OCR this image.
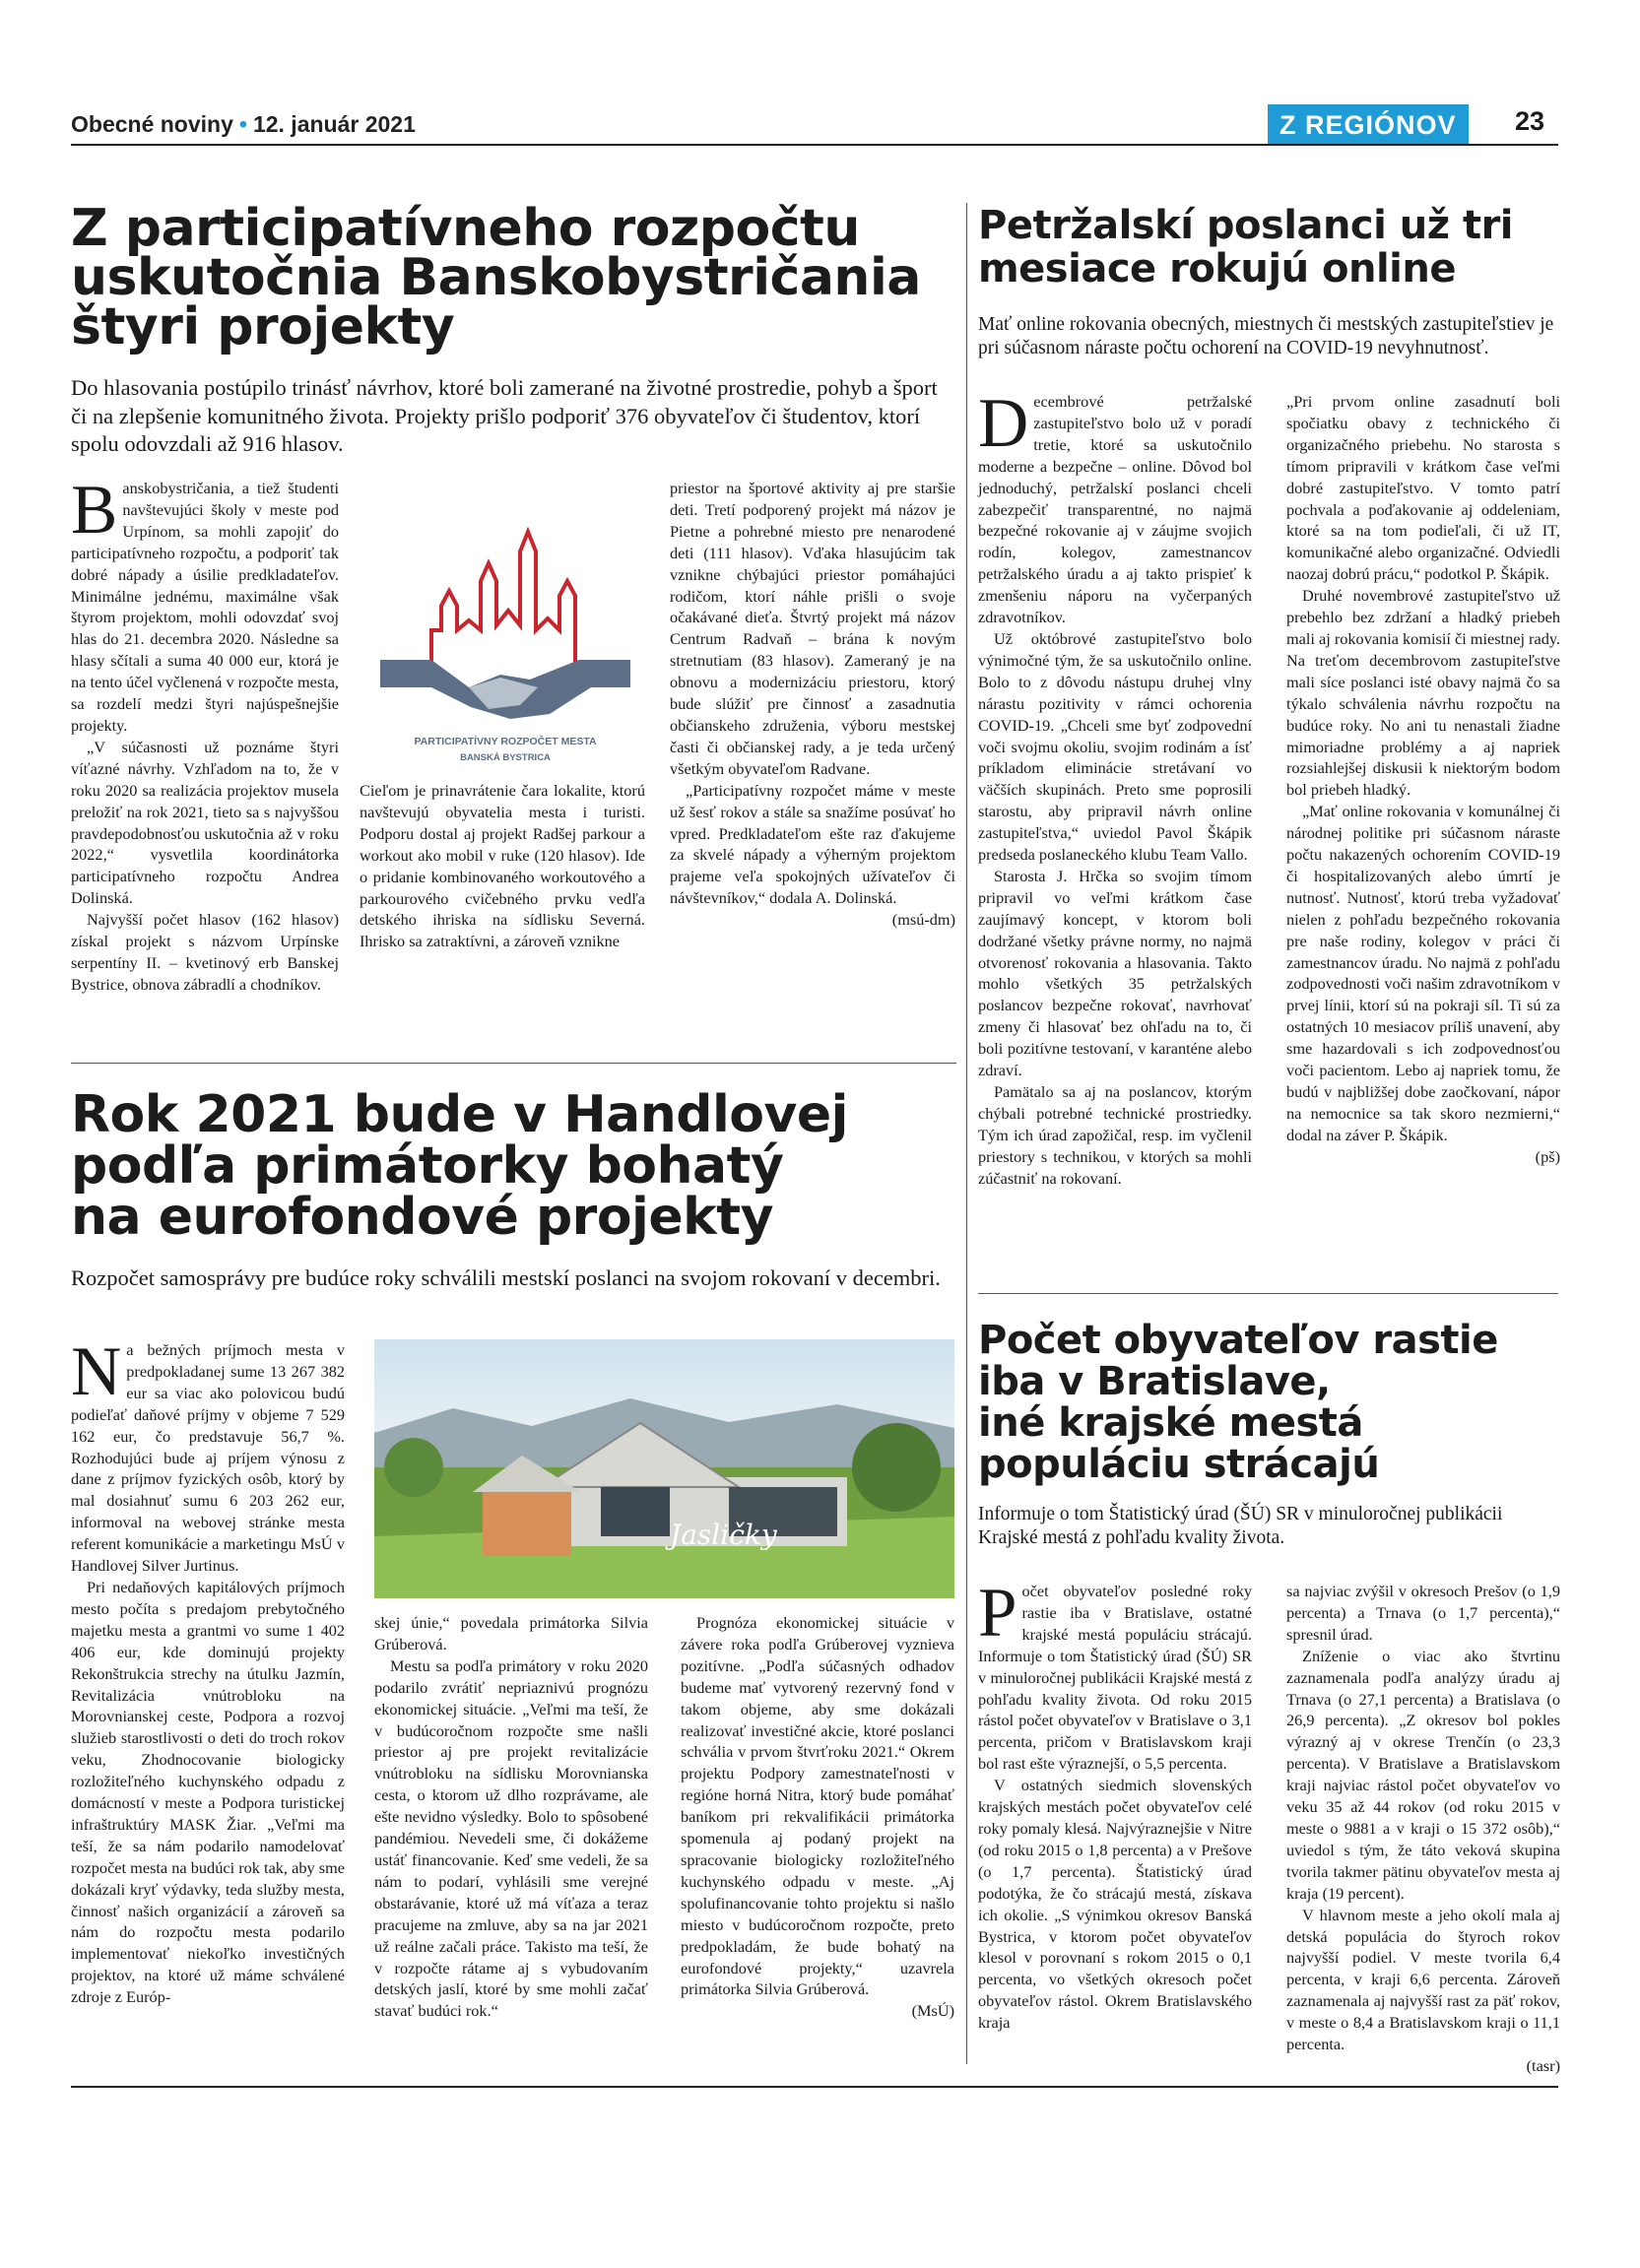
Obecné noviny • 12. január 2021	Z REGIÓNOV	23
Z participatívneho rozpočtu
uskutočnia Banskobystričania
štyri projekty
Do hlasovania postúpilo trinásť návrhov, ktoré boli zamerané na životné prostredie, pohyb a šport či na zlepšenie komunitného života. Projekty prišlo podporiť 376 obyvateľov či študentov, ktorí spolu odovzdali až 916 hlasov.
B anskobystričania, a tiež študenti navštevujúci školy v meste pod Urpínom, sa mohli zapojiť do participatívneho rozpočtu, a podporiť tak dobré nápady a úsilie predkladateľov. Minimálne jednému, maximálne však štyrom projektom, mohli odovzdať svoj hlas do 21. decembra 2020. Následne sa hlasy sčítali a suma 40 000 eur, ktorá je na tento účel vyčlenená v rozpočte mesta, sa rozdelí medzi štyri najúspešnejšie projekty.

„V súčasnosti už poznáme štyri víťazné návrhy. Vzhľadom na to, že v roku 2020 sa realizácia projektov musela preložiť na rok 2021, tieto sa s najvyššou pravdepodobnosťou uskutočnia až v roku 2022,“ vysvetlila koordinátorka participatívneho rozpočtu Andrea Dolinská.

Najvyšší počet hlasov (162 hlasov) získal projekt s názvom Urpínske serpentíny II. – kvetinový erb Banskej Bystrice, obnova zábradlí a chodníkov.

PARTICIPATÍVNY ROZPOČET MESTA
BANSKÁ BYSTRICA

Cieľom je prinavrátenie čara lokalite, ktorú navštevujú obyvatelia mesta i turisti. Podporu dostal aj projekt Radšej parkour a workout ako mobil v ruke (120 hlasov). Ide o pridanie kombinovaného workoutového a parkourového cvičebného prvku vedľa detského ihriska na sídlisku Severná. Ihrisko sa zatraktívni, a zároveň vznikne

priestor na športové aktivity aj pre staršie deti. Tretí podporený projekt má názov je Pietne a pohrebné miesto pre nenarodené deti (111 hlasov). Vďaka hlasujúcim tak vznikne chýbajúci priestor pomáhajúci rodičom, ktorí náhle prišli o svoje očakávané dieťa. Štvrtý projekt má názov Centrum Radvaň – brána k novým stretnutiam (83 hlasov). Zameraný je na obnovu a modernizáciu priestoru, ktorý bude slúžiť pre činnosť a zasadnutia občianskeho združenia, výboru mestskej časti či občianskej rady, a je teda určený všetkým obyvateľom Radvane.

„Participatívny rozpočet máme v meste už šesť rokov a stále sa snažíme posúvať ho vpred. Predkladateľom ešte raz ďakujeme za skvelé nápady a výherným projektom prajeme veľa spokojných užívateľov či návštevníkov,“ dodala A. Dolinská.

(msú-dm)
Petržalskí poslanci už tri
mesiace rokujú online
Mať online rokovania obecných, miestnych či mestských zastupiteľstiev je pri súčasnom náraste počtu ochorení na COVID-19 nevyhnutnosť.
D ecembrové petržalské zastupiteľstvo bolo už v poradí tretie, ktoré sa uskutočnilo moderne a bezpečne – online. Dôvod bol jednoduchý, petržalskí poslanci chceli zabezpečiť transparentné, no najmä bezpečné rokovanie aj v záujme svojich rodín, kolegov, zamestnancov petržalského úradu a aj takto prispieť k zmenšeniu náporu na vyčerpaných zdravotníkov.

Už októbrové zastupiteľstvo bolo výnimočné tým, že sa uskutočnilo online. Bolo to z dôvodu nástupu druhej vlny nárastu pozitivity v rámci ochorenia COVID-19. „Chceli sme byť zodpovední voči svojmu okoliu, svojim rodinám a ísť príkladom eliminácie stretávaní vo väčších skupinách. Preto sme poprosili starostu, aby pripravil návrh online zastupiteľstva,“ uviedol Pavol Škápik predseda poslaneckého klubu Team Vallo.

Starosta J. Hrčka so svojim tímom pripravil vo veľmi krátkom čase zaujímavý koncept, v ktorom boli dodržané všetky právne normy, no najmä otvorenosť rokovania a hlasovania. Takto mohlo všetkých 35 petržalských poslancov bezpečne rokovať, navrhovať zmeny či hlasovať bez ohľadu na to, či boli pozitívne testovaní, v karanténe alebo zdraví.

Pamätalo sa aj na poslancov, ktorým chýbali potrebné technické prostriedky. Tým ich úrad zapožičal, resp. im vyčlenil priestory s technikou, v ktorých sa mohli zúčastniť na rokovaní.

„Pri prvom online zasadnutí boli spočiatku obavy z technického či organizačného priebehu. No starosta s tímom pripravili v krátkom čase veľmi dobré zastupiteľstvo. V tomto patrí pochvala a poďakovanie aj oddeleniam, ktoré sa na tom podieľali, či už IT, komunikačné alebo organizačné. Odviedli naozaj dobrú prácu,“ podotkol P. Škápik.

Druhé novembrové zastupiteľstvo už prebehlo bez zdržaní a hladký priebeh mali aj rokovania komisií či miestnej rady. Na treťom decembrovom zastupiteľstve mali síce poslanci isté obavy najmä čo sa týkalo schválenia návrhu rozpočtu na budúce roky. No ani tu nenastali žiadne mimoriadne problémy a aj napriek rozsiahlejšej diskusii k niektorým bodom bol priebeh hladký.

„Mať online rokovania v komunálnej či národnej politike pri súčasnom náraste počtu nakazených ochorením COVID-19 či hospitalizovaných alebo úmrtí je nutnosť. Nutnosť, ktorú treba vyžadovať nielen z pohľadu bezpečného rokovania pre naše rodiny, kolegov v práci či zamestnancov úradu. No najmä z pohľadu zodpovednosti voči našim zdravotníkom v prvej línii, ktorí sú na pokraji síl. Ti sú za ostatných 10 mesiacov príliš unavení, aby sme hazardovali s ich zodpovednosťou voči pacientom. Lebo aj napriek tomu, že budú v najbližšej dobe zaočkovaní, nápor na nemocnice sa tak skoro nezmierni,“ dodal na záver P. Škápik.

(pš)
Rok 2021 bude v Handlovej
podľa primátorky bohatý
na eurofondové projekty
Rozpočet samosprávy pre budúce roky schválili mestskí poslanci na svojom rokovaní v decembri.
N a bežných príjmoch mesta v predpokladanej sume 13 267 382 eur sa viac ako polovicou budú podieľať daňové príjmy v objeme 7 529 162 eur, čo predstavuje 56,7 %. Rozhodujúci bude aj príjem výnosu z dane z príjmov fyzických osôb, ktorý by mal dosiahnuť sumu 6 203 262 eur, informoval na webovej stránke mesta referent komunikácie a marketingu MsÚ v Handlovej Silver Jurtinus.

Pri nedaňových kapitálových príjmoch mesto počíta s predajom prebytočného majetku mesta a grantmi vo sume 1 402 406 eur, kde dominujú projekty Rekonštrukcia strechy na útulku Jazmín, Revitalizácia vnútrobloku na Morovnianskej ceste, Podpora a rozvoj služieb starostlivosti o deti do troch rokov veku, Zhodnocovanie biologicky rozložiteľného kuchynského odpadu z domácností v meste a Podpora turistickej infraštruktúry MASK Žiar. „Veľmi ma teší, že sa nám podarilo namodelovať rozpočet mesta na budúci rok tak, aby sme dokázali kryť výdavky, teda služby mesta, činnosť našich organizácií a zároveň sa nám do rozpočtu mesta podarilo implementovať niekoľko investičných projektov, na ktoré už máme schválené zdroje z Európ-

Jasličky

skej únie,“ povedala primátorka Silvia Grúberová.

Mestu sa podľa primátory v roku 2020 podarilo zvrátiť nepriaznivú prognózu ekonomickej situácie. „Veľmi ma teší, že v budúcoročnom rozpočte sme našli priestor aj pre projekt revitalizácie vnútrobloku na sídlisku Morovnianska cesta, o ktorom už dlho rozprávame, ale ešte nevidno výsledky. Bolo to spôsobené pandémiou. Nevedeli sme, či dokážeme ustáť financovanie. Keď sme vedeli, že sa nám to podarí, vyhlásili sme verejné obstarávanie, ktoré už má víťaza a teraz pracujeme na zmluve, aby sa na jar 2021 už reálne začali práce. Takisto ma teší, že v rozpočte rátame aj s vybudovaním detských jaslí, ktoré by sme mohli začať stavať budúci rok.“

Prognóza ekonomickej situácie v závere roka podľa Grúberovej vyznieva pozitívne. „Podľa súčasných odhadov budeme mať vytvorený rezervný fond v takom objeme, aby sme dokázali realizovať investičné akcie, ktoré poslanci schvália v prvom štvrťroku 2021.“ Okrem projektu Podpory zamestnateľnosti v regióne horná Nitra, ktorý bude pomáhať baníkom pri rekvalifikácii primátorka spomenula aj podaný projekt na spracovanie biologicky rozložiteľného kuchynského odpadu v meste. „Aj spolufinancovanie tohto projektu si našlo miesto v budúcoročnom rozpočte, preto predpokladám, že bude bohatý na eurofondové projekty,“ uzavrela primátorka Silvia Grúberová.

(MsÚ)
Počet obyvateľov rastie
iba v Bratislave,
iné krajské mestá
populáciu strácajú
Informuje o tom Štatistický úrad (ŠÚ) SR v minuloročnej publikácii Krajské mestá z pohľadu kvality života.
P očet obyvateľov posledné roky rastie iba v Bratislave, ostatné krajské mestá populáciu strácajú. Informuje o tom Štatistický úrad (ŠÚ) SR v minuloročnej publikácii Krajské mestá z pohľadu kvality života. Od roku 2015 rástol počet obyvateľov v Bratislave o 3,1 percenta, pričom v Bratislavskom kraji bol rast ešte výraznejší, o 5,5 percenta.

V ostatných siedmich slovenských krajských mestách počet obyvateľov celé roky pomaly klesá. Najvýraznejšie v Nitre (od roku 2015 o 1,8 percenta) a v Prešove (o 1,7 percenta). Štatistický úrad podotýka, že čo strácajú mestá, získava ich okolie. „S výnimkou okresov Banská Bystrica, v ktorom počet obyvateľov klesol v porovnaní s rokom 2015 o 0,1 percenta, vo všetkých okresoch počet obyvateľov rástol. Okrem Bratislavského kraja

sa najviac zvýšil v okresoch Prešov (o 1,9 percenta) a Trnava (o 1,7 percenta),“ spresnil úrad.

Zníženie o viac ako štvrtinu zaznamenala podľa analýzy úradu aj Trnava (o 27,1 percenta) a Bratislava (o 26,9 percenta). „Z okresov bol pokles výrazný aj v okrese Trenčín (o 23,3 percenta). V Bratislave a Bratislavskom kraji najviac rástol počet obyvateľov vo veku 35 až 44 rokov (od roku 2015 v meste o 9881 a v kraji o 15 372 osôb),“ uviedol s tým, že táto veková skupina tvorila takmer pätinu obyvateľov mesta aj kraja (19 percent).

V hlavnom meste a jeho okolí mala aj detská populácia do štyroch rokov najvyšší podiel. V meste tvorila 6,4 percenta, v kraji 6,6 percenta. Zároveň zaznamenala aj najvyšší rast za päť rokov, v meste o 8,4 a Bratislavskom kraji o 11,1 percenta.

(tasr)
